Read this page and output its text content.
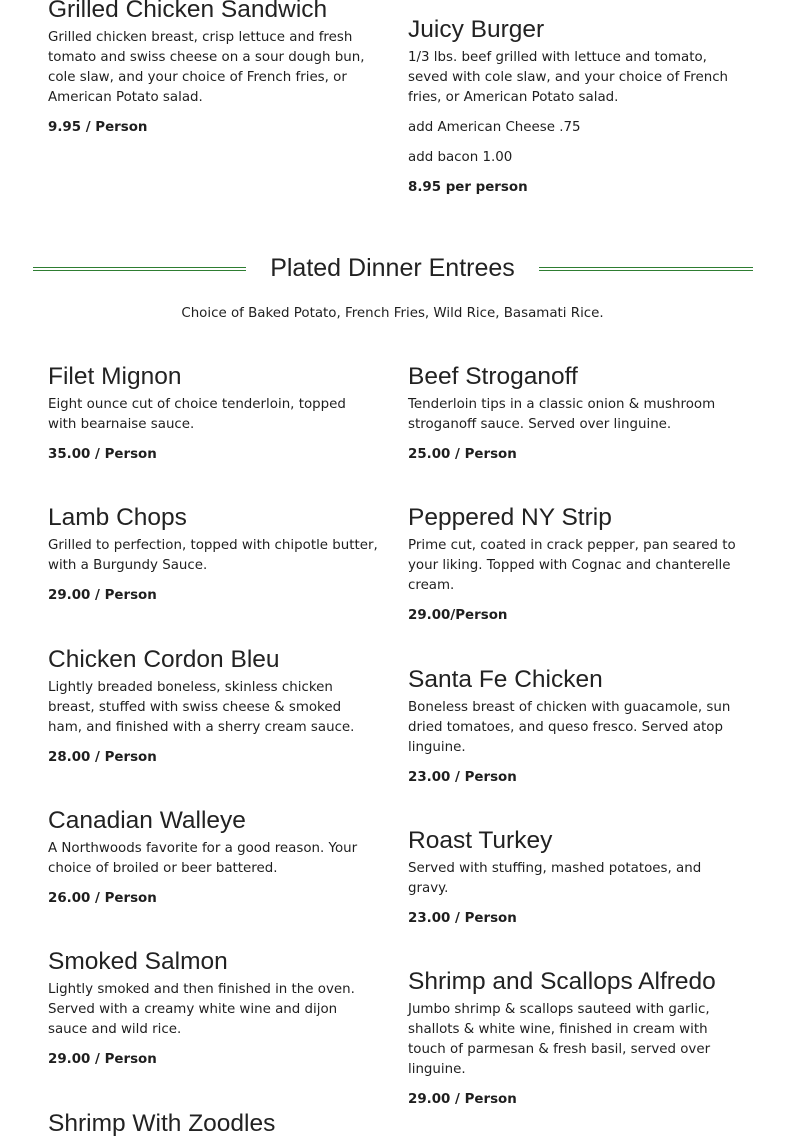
Grilled Chicken Sandwich

Grilled chicken breast, crisp lettuce and fresh tomato and swiss cheese on a sour dough bun, cole slaw, and your choice of French fries, or American Potato salad.

9.95 / Person

Juicy Burger

1/3 lbs. beef grilled with lettuce and tomato, seved with cole slaw, and your choice of French fries, or American Potato salad.

add American Cheese .75

add bacon 1.00

8.95 per person

Plated Dinner Entrees

Choice of Baked Potato, French Fries, Wild Rice, Basamati Rice.

Filet Mignon

Eight ounce cut of choice tenderloin, topped with bearnaise sauce.

35.00 / Person

Lamb Chops

Grilled to perfection, topped with chipotle butter, with a Burgundy Sauce.

29.00 / Person

Chicken Cordon Bleu

Lightly breaded boneless, skinless chicken breast, stuffed with swiss cheese & smoked ham, and finished with a sherry cream sauce.

28.00 / Person

Canadian Walleye

A Northwoods favorite for a good reason. Your choice of broiled or beer battered.

26.00 / Person

Smoked Salmon

Lightly smoked and then finished in the oven. Served with a creamy white wine and dijon sauce and wild rice.

29.00 / Person

Shrimp With Zoodles
Beef Stroganoff

Tenderloin tips in a classic onion & mushroom stroganoff sauce. Served over linguine.

25.00 / Person

Peppered NY Strip

Prime cut, coated in crack pepper, pan seared to your liking. Topped with Cognac and chanterelle cream.

29.00/Person

Santa Fe Chicken

Boneless breast of chicken with guacamole, sun dried tomatoes, and queso fresco. Served atop linguine.

23.00 / Person

Roast Turkey

Served with stuffing, mashed potatoes, and gravy.

23.00 / Person

Shrimp and Scallops Alfredo

Jumbo shrimp & scallops sauteed with garlic, shallots & white wine, finished in cream with touch of parmesan & fresh basil, served over linguine.

29.00 / Person
